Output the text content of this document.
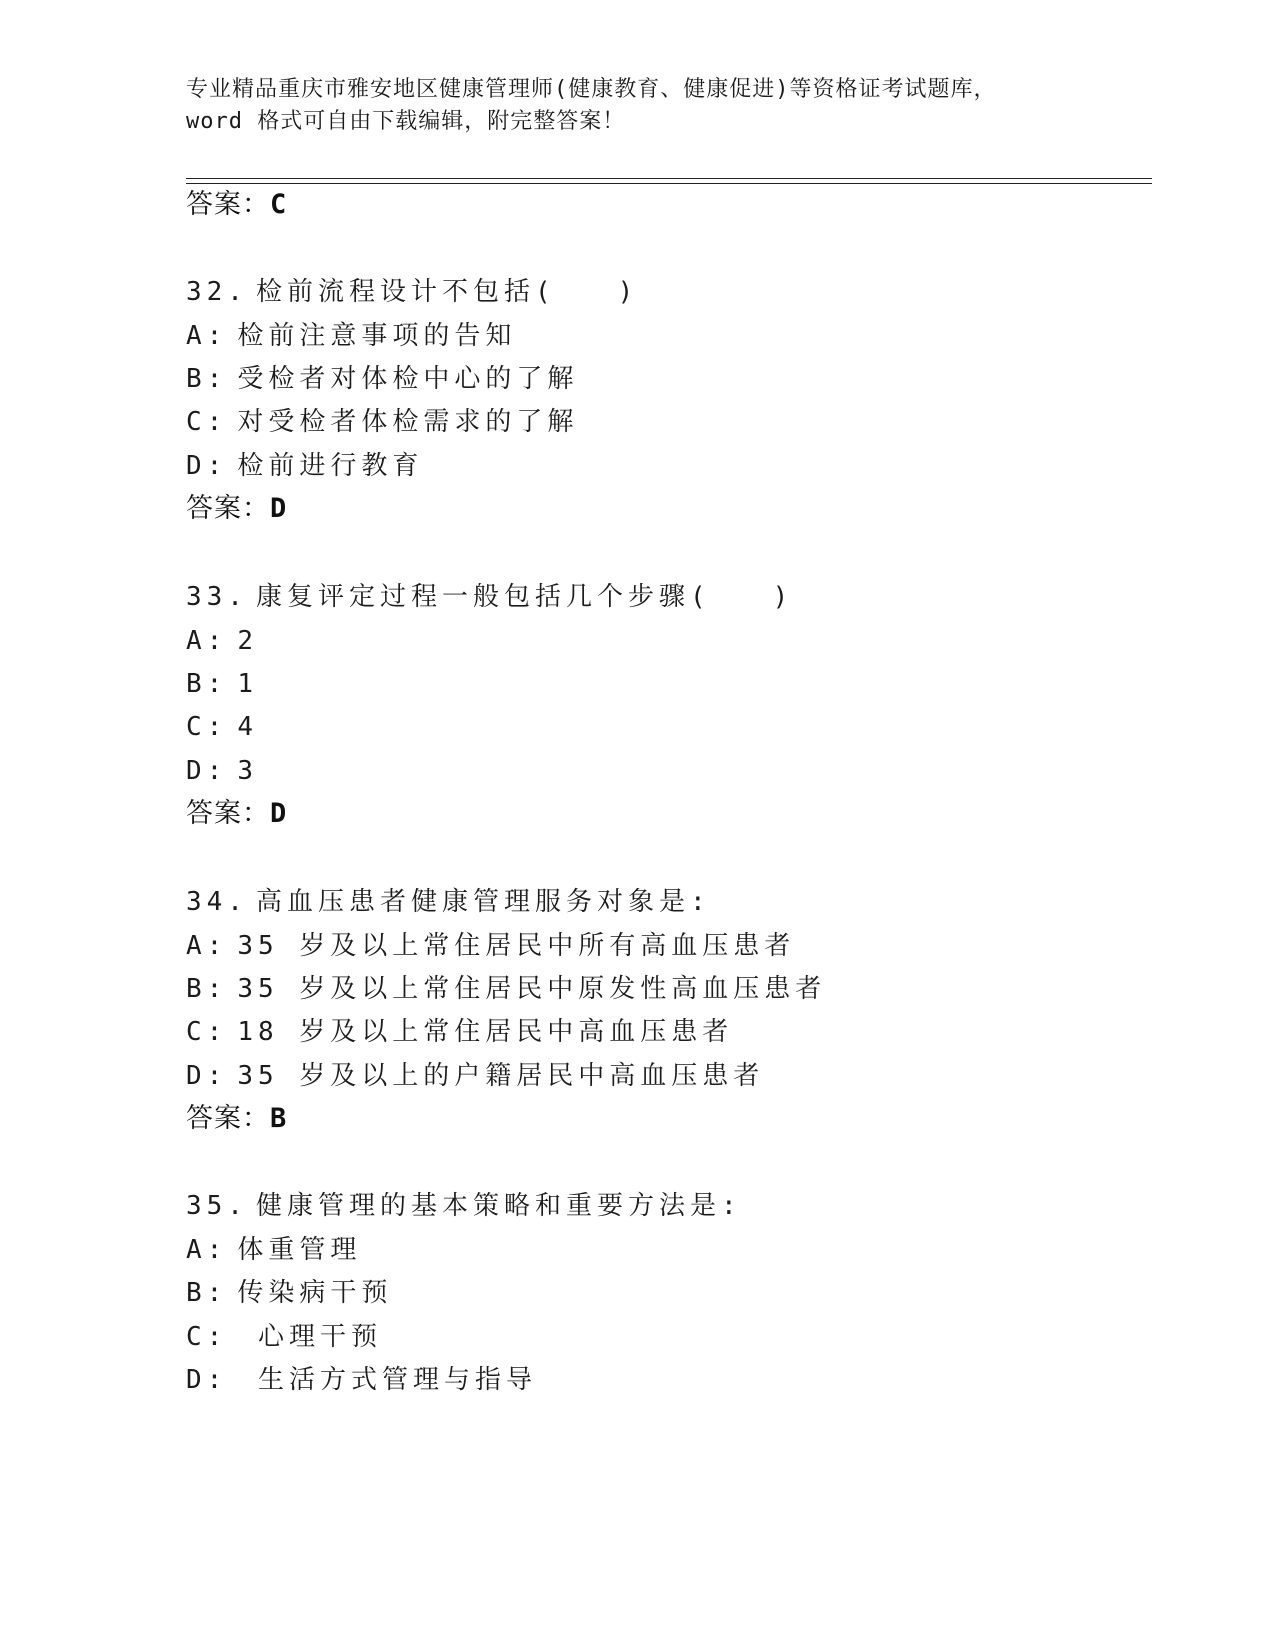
专业精品重庆市雅安地区健康管理师(健康教育、健康促进)等资格证考试题库，
word 格式可自由下载编辑，附完整答案！
答案：C
32. 检前流程设计不包括(　　)
A: 检前注意事项的告知
B: 受检者对体检中心的了解
C: 对受检者体检需求的了解
D: 检前进行教育
答案：D
33. 康复评定过程一般包括几个步骤(　　)
A: 2
B: 1
C: 4
D: 3
答案：D
34. 高血压患者健康管理服务对象是:
A: 35 岁及以上常住居民中所有高血压患者
B: 35 岁及以上常住居民中原发性高血压患者
C: 18 岁及以上常住居民中高血压患者
D: 35 岁及以上的户籍居民中高血压患者
答案：B
35. 健康管理的基本策略和重要方法是:
A: 体重管理
B: 传染病干预
C: 心理干预
D: 生活方式管理与指导
